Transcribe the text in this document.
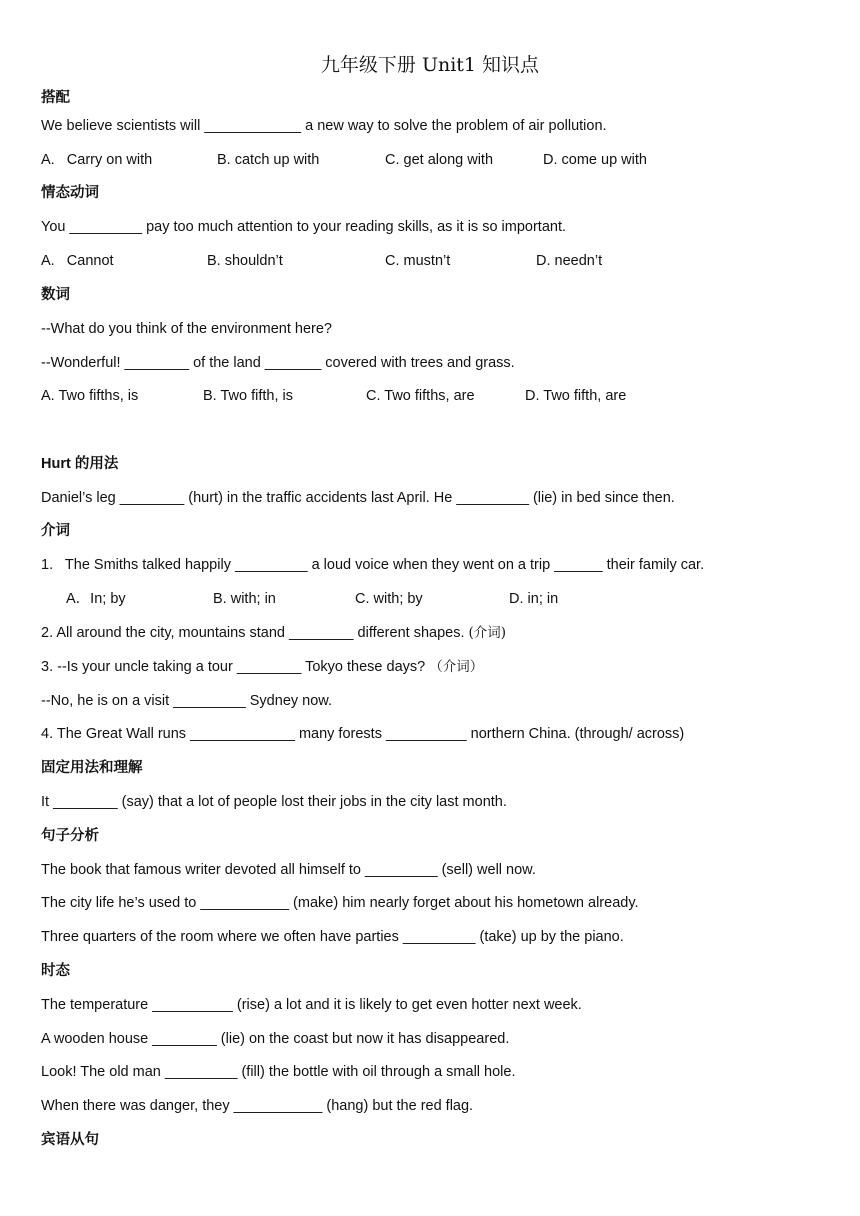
九年级下册 Unit1 知识点
搭配
We believe scientists will ____________ a new way to solve the problem of air pollution.
A.   Carry on with	B. catch up with	C. get along with	D. come up with
情态动词
You _________ pay too much attention to your reading skills, as it is so important.
A.   Cannot	B. shouldn’t	C. mustn’t	D. needn’t
数词
--What do you think of the environment here?
--Wonderful! ________ of the land _______ covered with trees and grass.
A. Two fifths, is	B. Two fifth, is	C. Two fifths, are	D. Two fifth, are
Hurt 的用法
Daniel’s leg ________ (hurt) in the traffic accidents last April. He _________ (lie) in bed since then.
介词
1.   The Smiths talked happily _________ a loud voice when they went on a trip ______ their family car.
A．In; by	B. with; in	C. with; by	D. in; in
2. All around the city, mountains stand ________ different shapes. (介词)
3. --Is your uncle taking a tour ________ Tokyo these days? （介词）
--No, he is on a visit _________ Sydney now.
4. The Great Wall runs _____________ many forests __________ northern China. (through/ across)
固定用法和理解
It ________ (say) that a lot of people lost their jobs in the city last month.
句子分析
The book that famous writer devoted all himself to _________ (sell) well now.
The city life he’s used to ___________ (make) him nearly forget about his hometown already.
Three quarters of the room where we often have parties _________ (take) up by the piano.
时态
The temperature __________ (rise) a lot and it is likely to get even hotter next week.
A wooden house ________ (lie) on the coast but now it has disappeared.
Look! The old man _________ (fill) the bottle with oil through a small hole.
When there was danger, they ___________ (hang) but the red flag.
宾语从句
